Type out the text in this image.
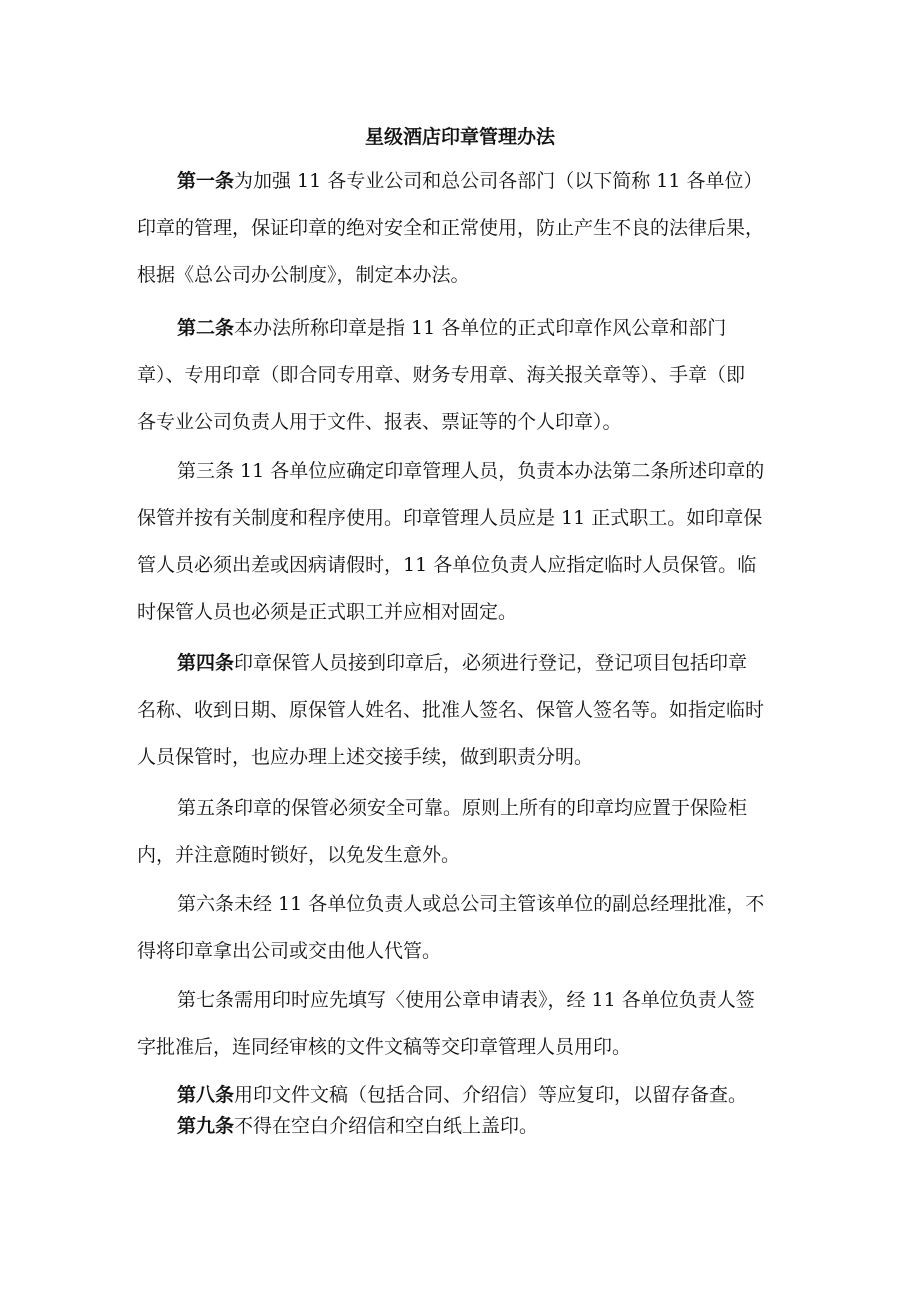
星级酒店印章管理办法
第一条为加强 11 各专业公司和总公司各部门（以下简称 11 各单位）
印章的管理，保证印章的绝对安全和正常使用，防止产生不良的法律后果，
根据《总公司办公制度》，制定本办法。
第二条本办法所称印章是指 11 各单位的正式印章作风公章和部门
章）、专用印章（即合同专用章、财务专用章、海关报关章等）、手章（即
各专业公司负责人用于文件、报表、票证等的个人印章）。
第三条 11 各单位应确定印章管理人员，负责本办法第二条所述印章的
保管并按有关制度和程序使用。印章管理人员应是 11 正式职工。如印章保
管人员必须出差或因病请假时，11 各单位负责人应指定临时人员保管。临
时保管人员也必须是正式职工并应相对固定。
第四条印章保管人员接到印章后，必须进行登记，登记项目包括印章
名称、收到日期、原保管人姓名、批准人签名、保管人签名等。如指定临时
人员保管时，也应办理上述交接手续，做到职责分明。
第五条印章的保管必须安全可靠。原则上所有的印章均应置于保险柜
内，并注意随时锁好，以免发生意外。
第六条未经 11 各单位负责人或总公司主管该单位的副总经理批准，不
得将印章拿出公司或交由他人代管。
第七条需用印时应先填写〈使用公章申请表》，经 11 各单位负责人签
字批准后，连同经审核的文件文稿等交印章管理人员用印。
第八条用印文件文稿（包括合同、介绍信）等应复印，以留存备查。
第九条不得在空白介绍信和空白纸上盖印。
